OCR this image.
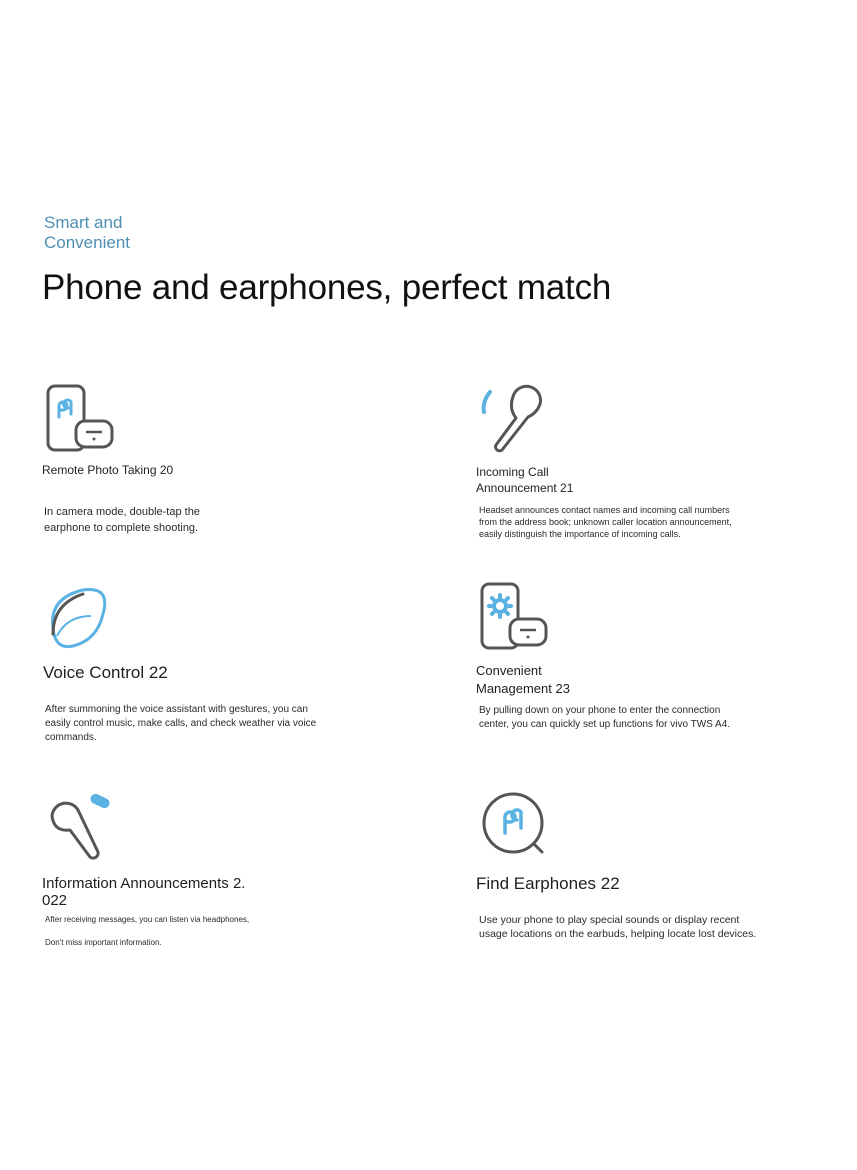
Smart and
Convenient
Phone and earphones, perfect match
Remote Photo Taking 20
In camera mode, double-tap the
earphone to complete shooting.
Incoming Call
Announcement 21
Headset announces contact names and incoming call numbers
from the address book; unknown caller location announcement,
easily distinguish the importance of incoming calls.
Voice Control 22
After summoning the voice assistant with gestures, you can
easily control music, make calls, and check weather via voice
commands.
Convenient
Management 23
By pulling down on your phone to enter the connection
center, you can quickly set up functions for vivo TWS A4.
Information Announcements 2.
022
After receiving messages, you can listen via headphones,
Don't miss important information.
Find Earphones 22
Use your phone to play special sounds or display recent
usage locations on the earbuds, helping locate lost devices.
